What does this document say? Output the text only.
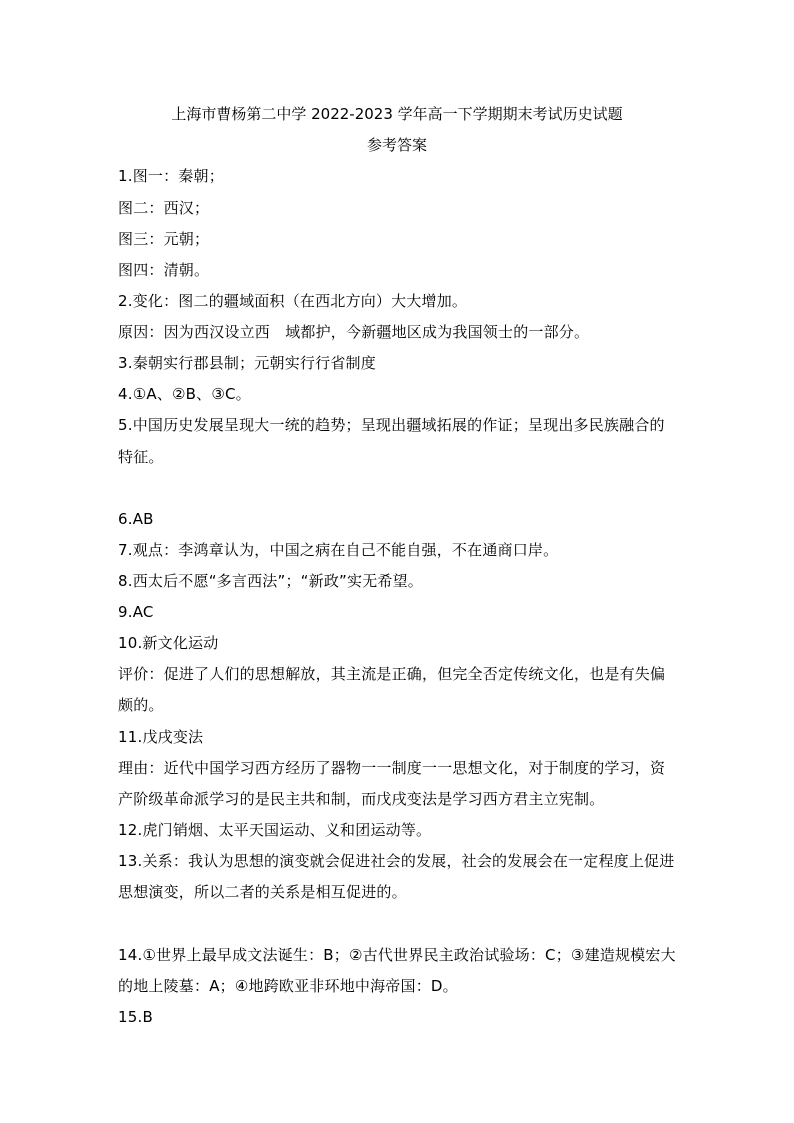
上海市曹杨第二中学 2022-2023 学年高一下学期期末考试历史试题
参考答案
1.图一：秦朝；
图二：西汉；
图三：元朝；
图四：清朝。
2.变化：图二的疆域面积（在西北方向）大大增加。
原因：因为西汉设立西　域都护，今新疆地区成为我国领士的一部分。
3.秦朝实行郡县制；元朝实行行省制度
4.①A、②B、③C。
5.中国历史发展呈现大一统的趋势；呈现出疆域拓展的作证；呈现出多民族融合的
特征。
6.AB
7.观点：李鸿章认为，中国之病在自己不能自强，不在通商口岸。
8.西太后不愿“多言西法”；“新政”实无希望。
9.AC
10.新文化运动
评价：促进了人们的思想解放，其主流是正确，但完全否定传统文化，也是有失偏
颇的。
11.戊戌变法
理由：近代中国学习西方经历了器物一一制度一一思想文化，对于制度的学习，资
产阶级革命派学习的是民主共和制，而戊戌变法是学习西方君主立宪制。
12.虎门销烟、太平天国运动、义和团运动等。
13.关系：我认为思想的演变就会促进社会的发展，社会的发展会在一定程度上促进
思想演变，所以二者的关系是相互促进的。
14.①世界上最早成文法诞生：B；②古代世界民主政治试验场：C；③建造规模宏大
的地上陵墓：A；④地跨欧亚非环地中海帝国：D。
15.B
